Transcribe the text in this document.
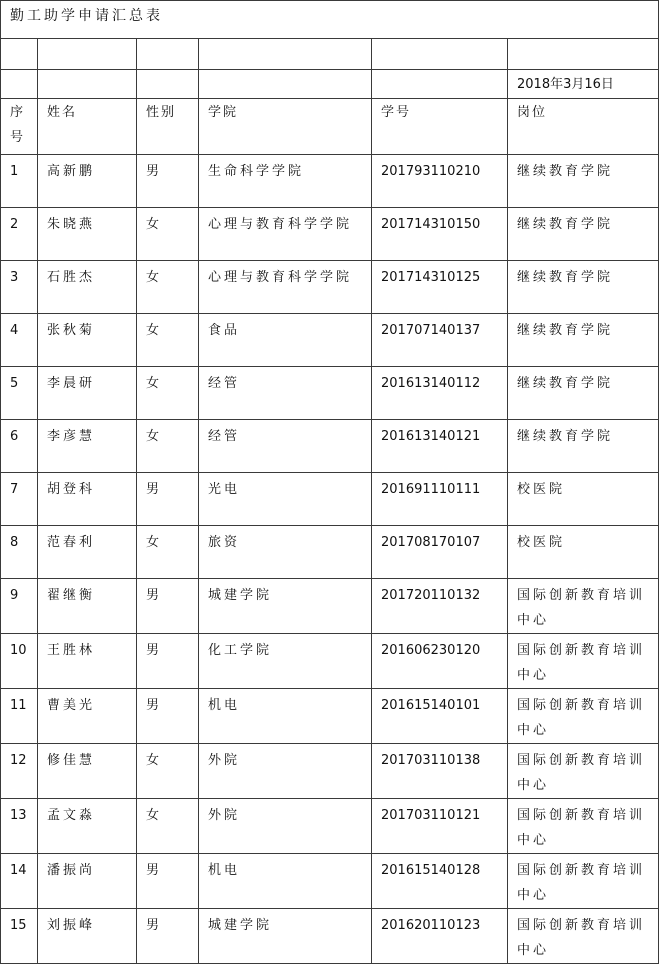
勤工助学申请汇总表					

					2018年3月16日
序号	姓名	性别	学院	学号	岗位
1	高新鹏	男	生命科学学院	201793110210	继续教育学院
2	朱晓燕	女	心理与教育科学学院	201714310150	继续教育学院
3	石胜杰	女	心理与教育科学学院	201714310125	继续教育学院
4	张秋菊	女	食品	201707140137	继续教育学院
5	李晨研	女	经管	201613140112	继续教育学院
6	李彦慧	女	经管	201613140121	继续教育学院
7	胡登科	男	光电	201691110111	校医院
8	范春利	女	旅资	201708170107	校医院
9	翟继衡	男	城建学院	201720110132	国际创新教育培训中心
10	王胜林	男	化工学院	201606230120	国际创新教育培训中心
11	曹美光	男	机电	201615140101	国际创新教育培训中心
12	修佳慧	女	外院	201703110138	国际创新教育培训中心
13	孟文淼	女	外院	201703110121	国际创新教育培训中心
14	潘振尚	男	机电	201615140128	国际创新教育培训中心
15	刘振峰	男	城建学院	201620110123	国际创新教育培训中心
